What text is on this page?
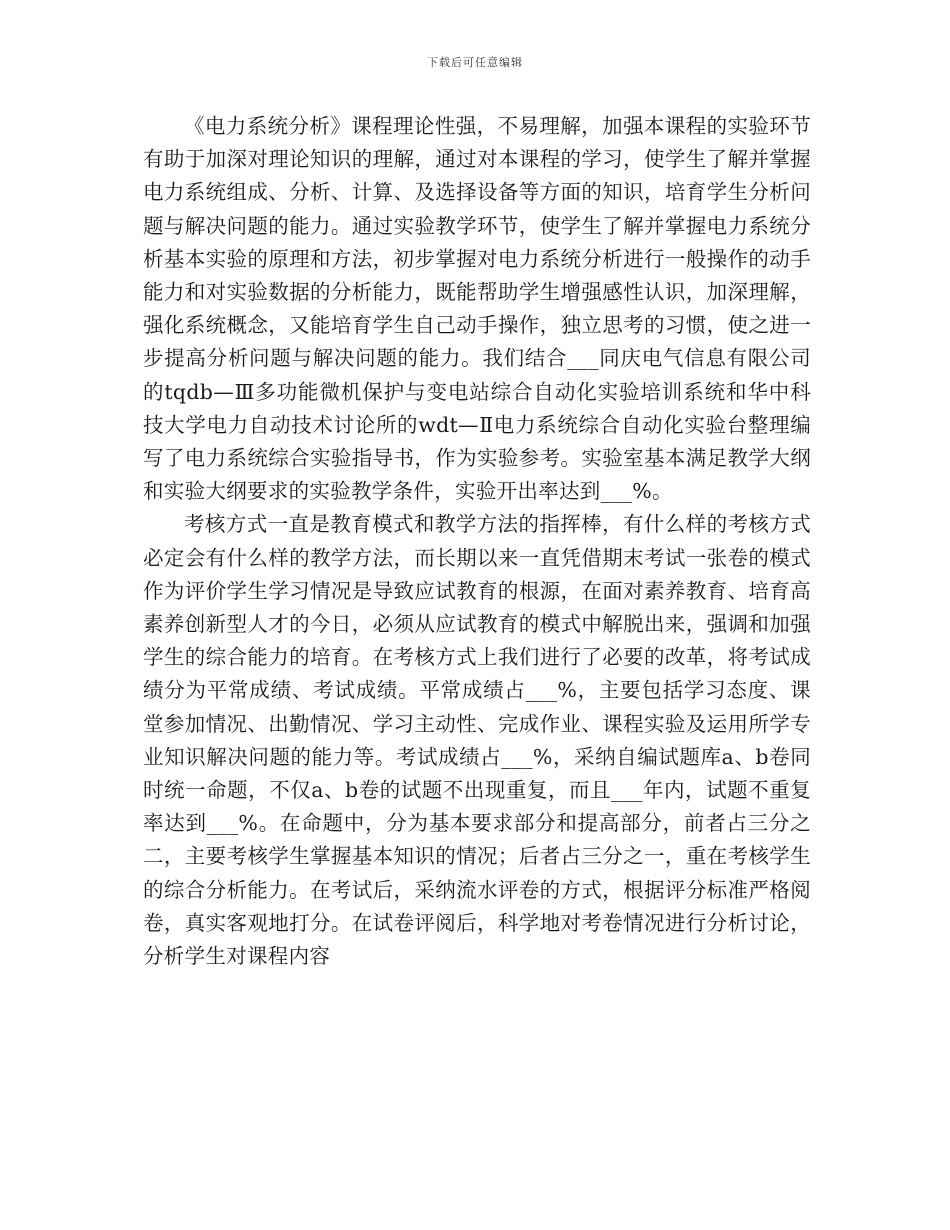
下载后可任意编辑

《电力系统分析》课程理论性强，不易理解，加强本课程的实验环节有助于加深对理论知识的理解，通过对本课程的学习，使学生了解并掌握电力系统组成、分析、计算、及选择设备等方面的知识，培育学生分析问题与解决问题的能力。通过实验教学环节，使学生了解并掌握电力系统分析基本实验的原理和方法，初步掌握对电力系统分析进行一般操作的动手能力和对实验数据的分析能力，既能帮助学生增强感性认识，加深理解，强化系统概念，又能培育学生自己动手操作，独立思考的习惯，使之进一步提高分析问题与解决问题的能力。我们结合___同庆电气信息有限公司的tqdb—Ⅲ多功能微机保护与变电站综合自动化实验培训系统和华中科技大学电力自动技术讨论所的wdt—Ⅱ电力系统综合自动化实验台整理编写了电力系统综合实验指导书，作为实验参考。实验室基本满足教学大纲和实验大纲要求的实验教学条件，实验开出率达到___%。

考核方式一直是教育模式和教学方法的指挥棒，有什么样的考核方式必定会有什么样的教学方法，而长期以来一直凭借期末考试一张卷的模式作为评价学生学习情况是导致应试教育的根源，在面对素养教育、培育高素养创新型人才的今日，必须从应试教育的模式中解脱出来，强调和加强学生的综合能力的培育。在考核方式上我们进行了必要的改革，将考试成绩分为平常成绩、考试成绩。平常成绩占___%，主要包括学习态度、课堂参加情况、出勤情况、学习主动性、完成作业、课程实验及运用所学专业知识解决问题的能力等。考试成绩占___%，采纳自编试题库a、b卷同时统一命题，不仅a、b卷的试题不出现重复，而且___年内，试题不重复率达到___%。在命题中，分为基本要求部分和提高部分，前者占三分之二，主要考核学生掌握基本知识的情况；后者占三分之一，重在考核学生的综合分析能力。在考试后，采纳流水评卷的方式，根据评分标准严格阅卷，真实客观地打分。在试卷评阅后，科学地对考卷情况进行分析讨论，分析学生对课程内容
